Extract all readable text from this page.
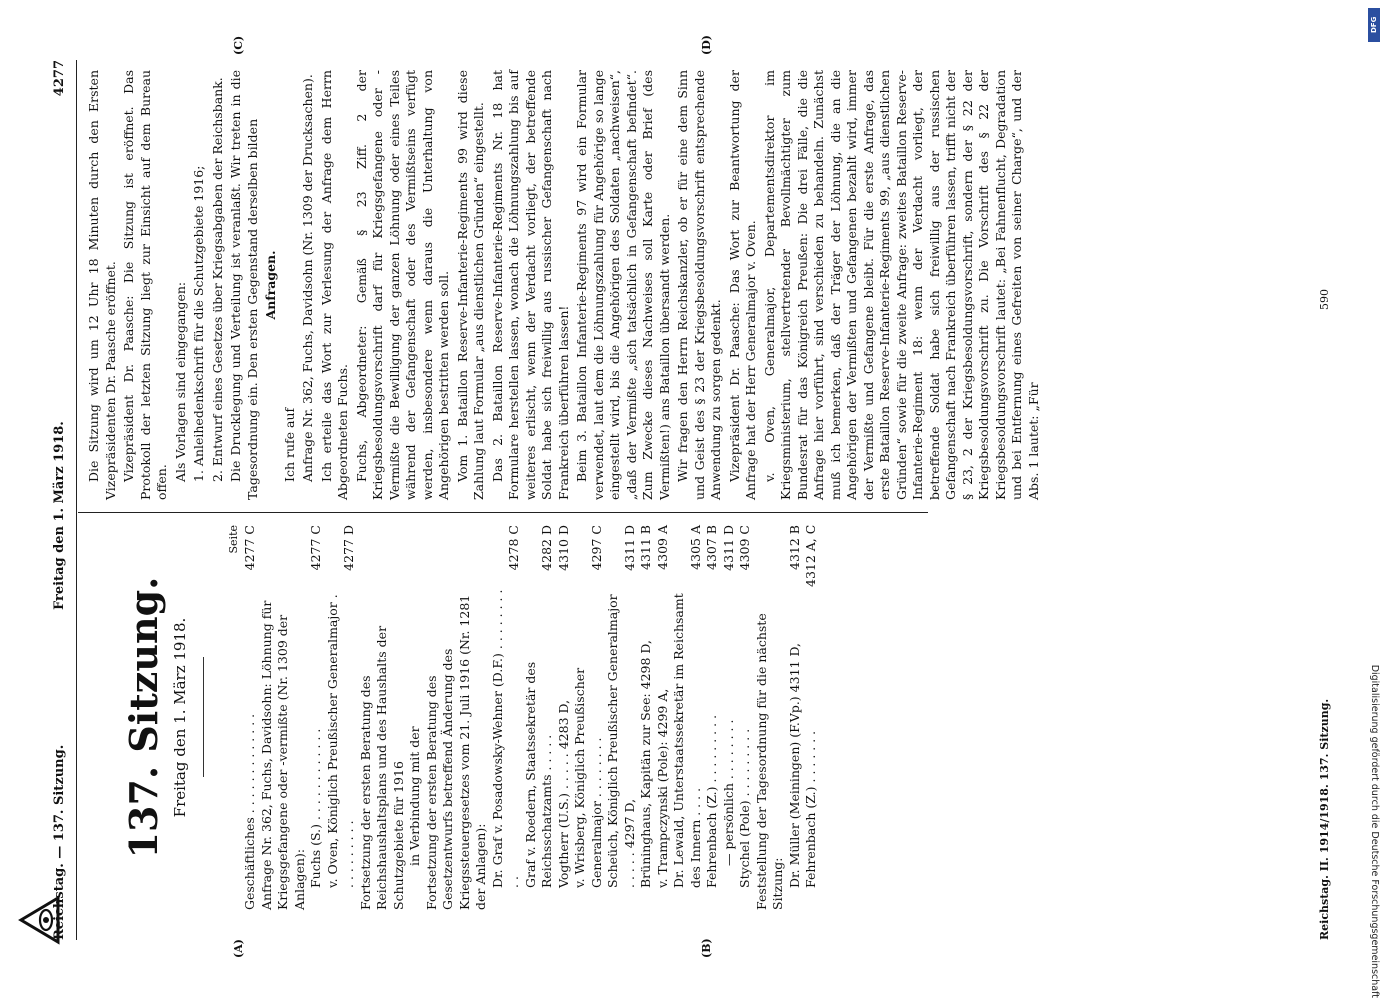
Reichstag. — 137. Sitzung.
Freitag den 1. März 1918.
4277
(A)	(B)
(C)	(D)
137. Sitzung. Freitag den 1. März 1918.
Seite
Geschäftliches . . . . . . . . . . . . .
4277 C
Anfrage Nr. 362, Fuchs, Davidsohn: Löhnung für Kriegsgefangene oder -vermißte (Nr. 1309 der Anlagen): Fuchs (S.) . . . . . . . . . . . .
4277 C
v. Oven, Königlich Preußischer Generalmajor . . . . . . . . . .
4277 D
Fortsetzung der ersten Beratung des Reichshaushaltsplans und des Haushalts der Schutzgebiete für 1916 in Verbindung mit der Fortsetzung der ersten Beratung des Gesetzentwurfs betreffend Änderung des Kriegssteuergesetzes vom 21. Juli 1916 (Nr. 1281 der Anlagen): Dr. Graf v. Posadowsky-Wehner (D.F.) . . . . . . . . . .
4278 C
Graf v. Roedern, Staatssekretär des Reichsschatzamts . . . . .
4282 D
Vogtherr (U.S.) . . . . . 4283 D,
4310 D
v. Wrisberg, Königlich Preußischer Generalmajor . . . . . . . .
4297 C
Scheüch, Königlich Preußischer Generalmajor . . . . . 4297 D,
4311 D
Brüninghaus, Kapitän zur See: 4298 D,
4311 B
v. Trampczynski (Pole): 4299 A,
4309 A
Dr. Lewald, Unterstaatssekretär im Reichsamt des Innern . . . .
4305 A
Fehrenbach (Z.) . . . . . . . . .
4307 B
— persönlich . . . . . . . .
4311 D
Stychel (Pole) . . . . . . . . .
4309 C
Feststellung der Tagesordnung für die nächste Sitzung: Dr. Müller (Meiningen) (F.Vp.) 4311 D,
4312 B
Fehrenbach (Z.) . . . . . . .
4312 A, C

Die Sitzung wird um 12 Uhr 18 Minuten durch den Ersten Vizepräsidenten Dr. Paasche eröffnet. Vizepräsident Dr. Paasche: Die Sitzung ist eröffnet. Das Protokoll der letzten Sitzung liegt zur Einsicht auf dem Bureau offen.

Als Vorlagen sind eingegangen: 1. Anleihedenkschrift für die Schutzgebiete 1916; 2. Entwurf eines Gesetzes über Kriegsabgaben der Reichsbank. Die Drucklegung und Verteilung ist veranlaßt. Wir treten in die Tagesordnung ein. Den ersten Gegenstand derselben bilden Anfragen.

Ich rufe auf Anfrage Nr. 362, Fuchs, Davidsohn (Nr. 1309 der Drucksachen). Ich erteile das Wort zur Verlesung der Anfrage dem Herrn Abgeordneten Fuchs. Fuchs, Abgeordneter: Gemäß § 23 Ziff. 2 der Kriegsbesoldungsvorschrift darf für Kriegsgefangene oder -Vermißte die Bewilligung der ganzen Löhnung oder eines Teiles während der Gefangenschaft oder des Vermißtseins verfügt werden, insbesondere wenn daraus die Unterhaltung von Angehörigen bestritten werden soll. Vom 1. Bataillon Reserve-Infanterie-Regiments 99 wird diese Zahlung laut Formular „aus dienstlichen Gründen“ eingestellt. Das 2. Bataillon Reserve-Infanterie-Regiments Nr. 18 hat Formulare herstellen lassen, wonach die Löhnungszahlung bis auf weiteres erlischt, wenn der Verdacht vorliegt, der betreffende Soldat habe sich freiwillig aus russischer Gefangenschaft nach Frankreich überführen lassen! Beim 3. Bataillon Infanterie-Regiments 97 wird ein Formular verwendet, laut dem die Löhnungszahlung für Angehörige so lange eingestellt wird, bis die Angehörigen des Soldaten „nachweisen“, „daß der Vermißte „sich tatsächlich in Gefangenschaft befindet“. Zum Zwecke dieses Nachweises soll Karte oder Brief (des Vermißten!) ans Bataillon übersandt werden. Wir fragen den Herrn Reichskanzler, ob er für eine dem Sinn und Geist des § 23 der Kriegsbesoldungsvorschrift entsprechende Anwendung zu sorgen gedenkt. Vizepräsident Dr. Paasche: Das Wort zur Beantwortung der Anfrage hat der Herr Generalmajor v. Oven. v. Oven, Generalmajor, Departementsdirektor im Kriegsministerium, stellvertretender Bevollmächtigter zum Bundesrat für das Königreich Preußen: Die drei Fälle, die die Anfrage hier vorführt, sind verschieden zu behandeln. Zunächst muß ich bemerken, daß der Träger der Löhnung, die an die Angehörigen der Vermißten und Gefangenen bezahlt wird, immer der Vermißte und Gefangene bleibt. Für die erste Anfrage, das erste Bataillon Reserve-Infanterie-Regiments 99, „aus dienstlichen Gründen“ sowie für die zweite Anfrage: zweites Bataillon Reserve-Infanterie-Regiment 18: wenn der Verdacht vorliegt, der betreffende Soldat habe sich freiwillig aus der russischen Gefangenschaft nach Frankreich überführen lassen, trifft nicht der § 23, 2 der Kriegsbesoldungsvorschrift, sondern der § 22 der Kriegsbesoldungsvorschrift zu. Die Vorschrift des § 22 der Kriegsbesoldungsvorschrift lautet: „Bei Fahnenflucht, Degradation und bei Entfernung eines Gefreiten von seiner Charge“, und der Abs. 1 lautet: „Für

Reichstag. II. 1914/1918. 137. Sitzung.
590
DFG
Digitalisierung gefördert durch die Deutsche Forschungsgemeinschaft
